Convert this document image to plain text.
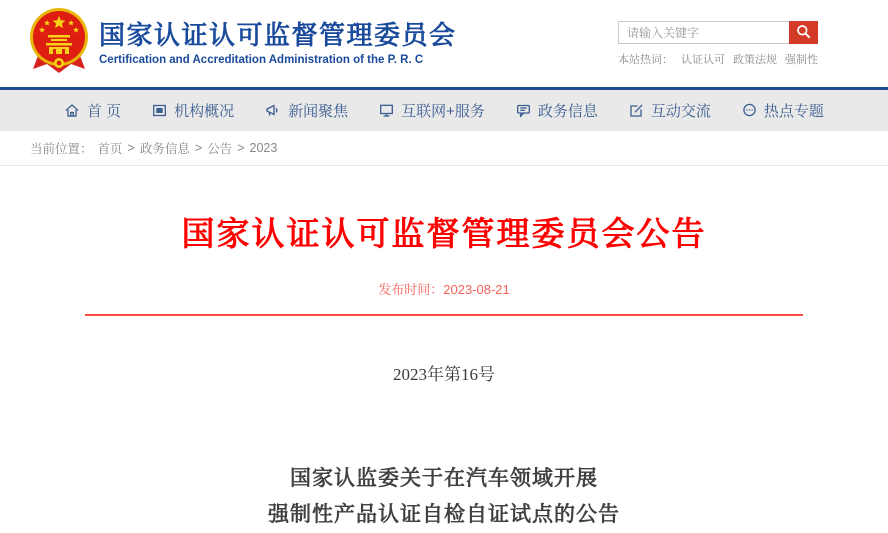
国家认证认可监督管理委员会
Certification and Accreditation Administration of the P. R. C
请输入关键字	本站热词： 认证认可 政策法规 强制性
首 页	机构概况	新闻聚焦	互联网+服务	政务信息	互动交流	热点专题
当前位置： 首页 > 政务信息 > 公告 > 2023
国家认证认可监督管理委员会公告
发布时间：2023-08-21
2023年第16号
国家认监委关于在汽车领域开展
强制性产品认证自检自证试点的公告
